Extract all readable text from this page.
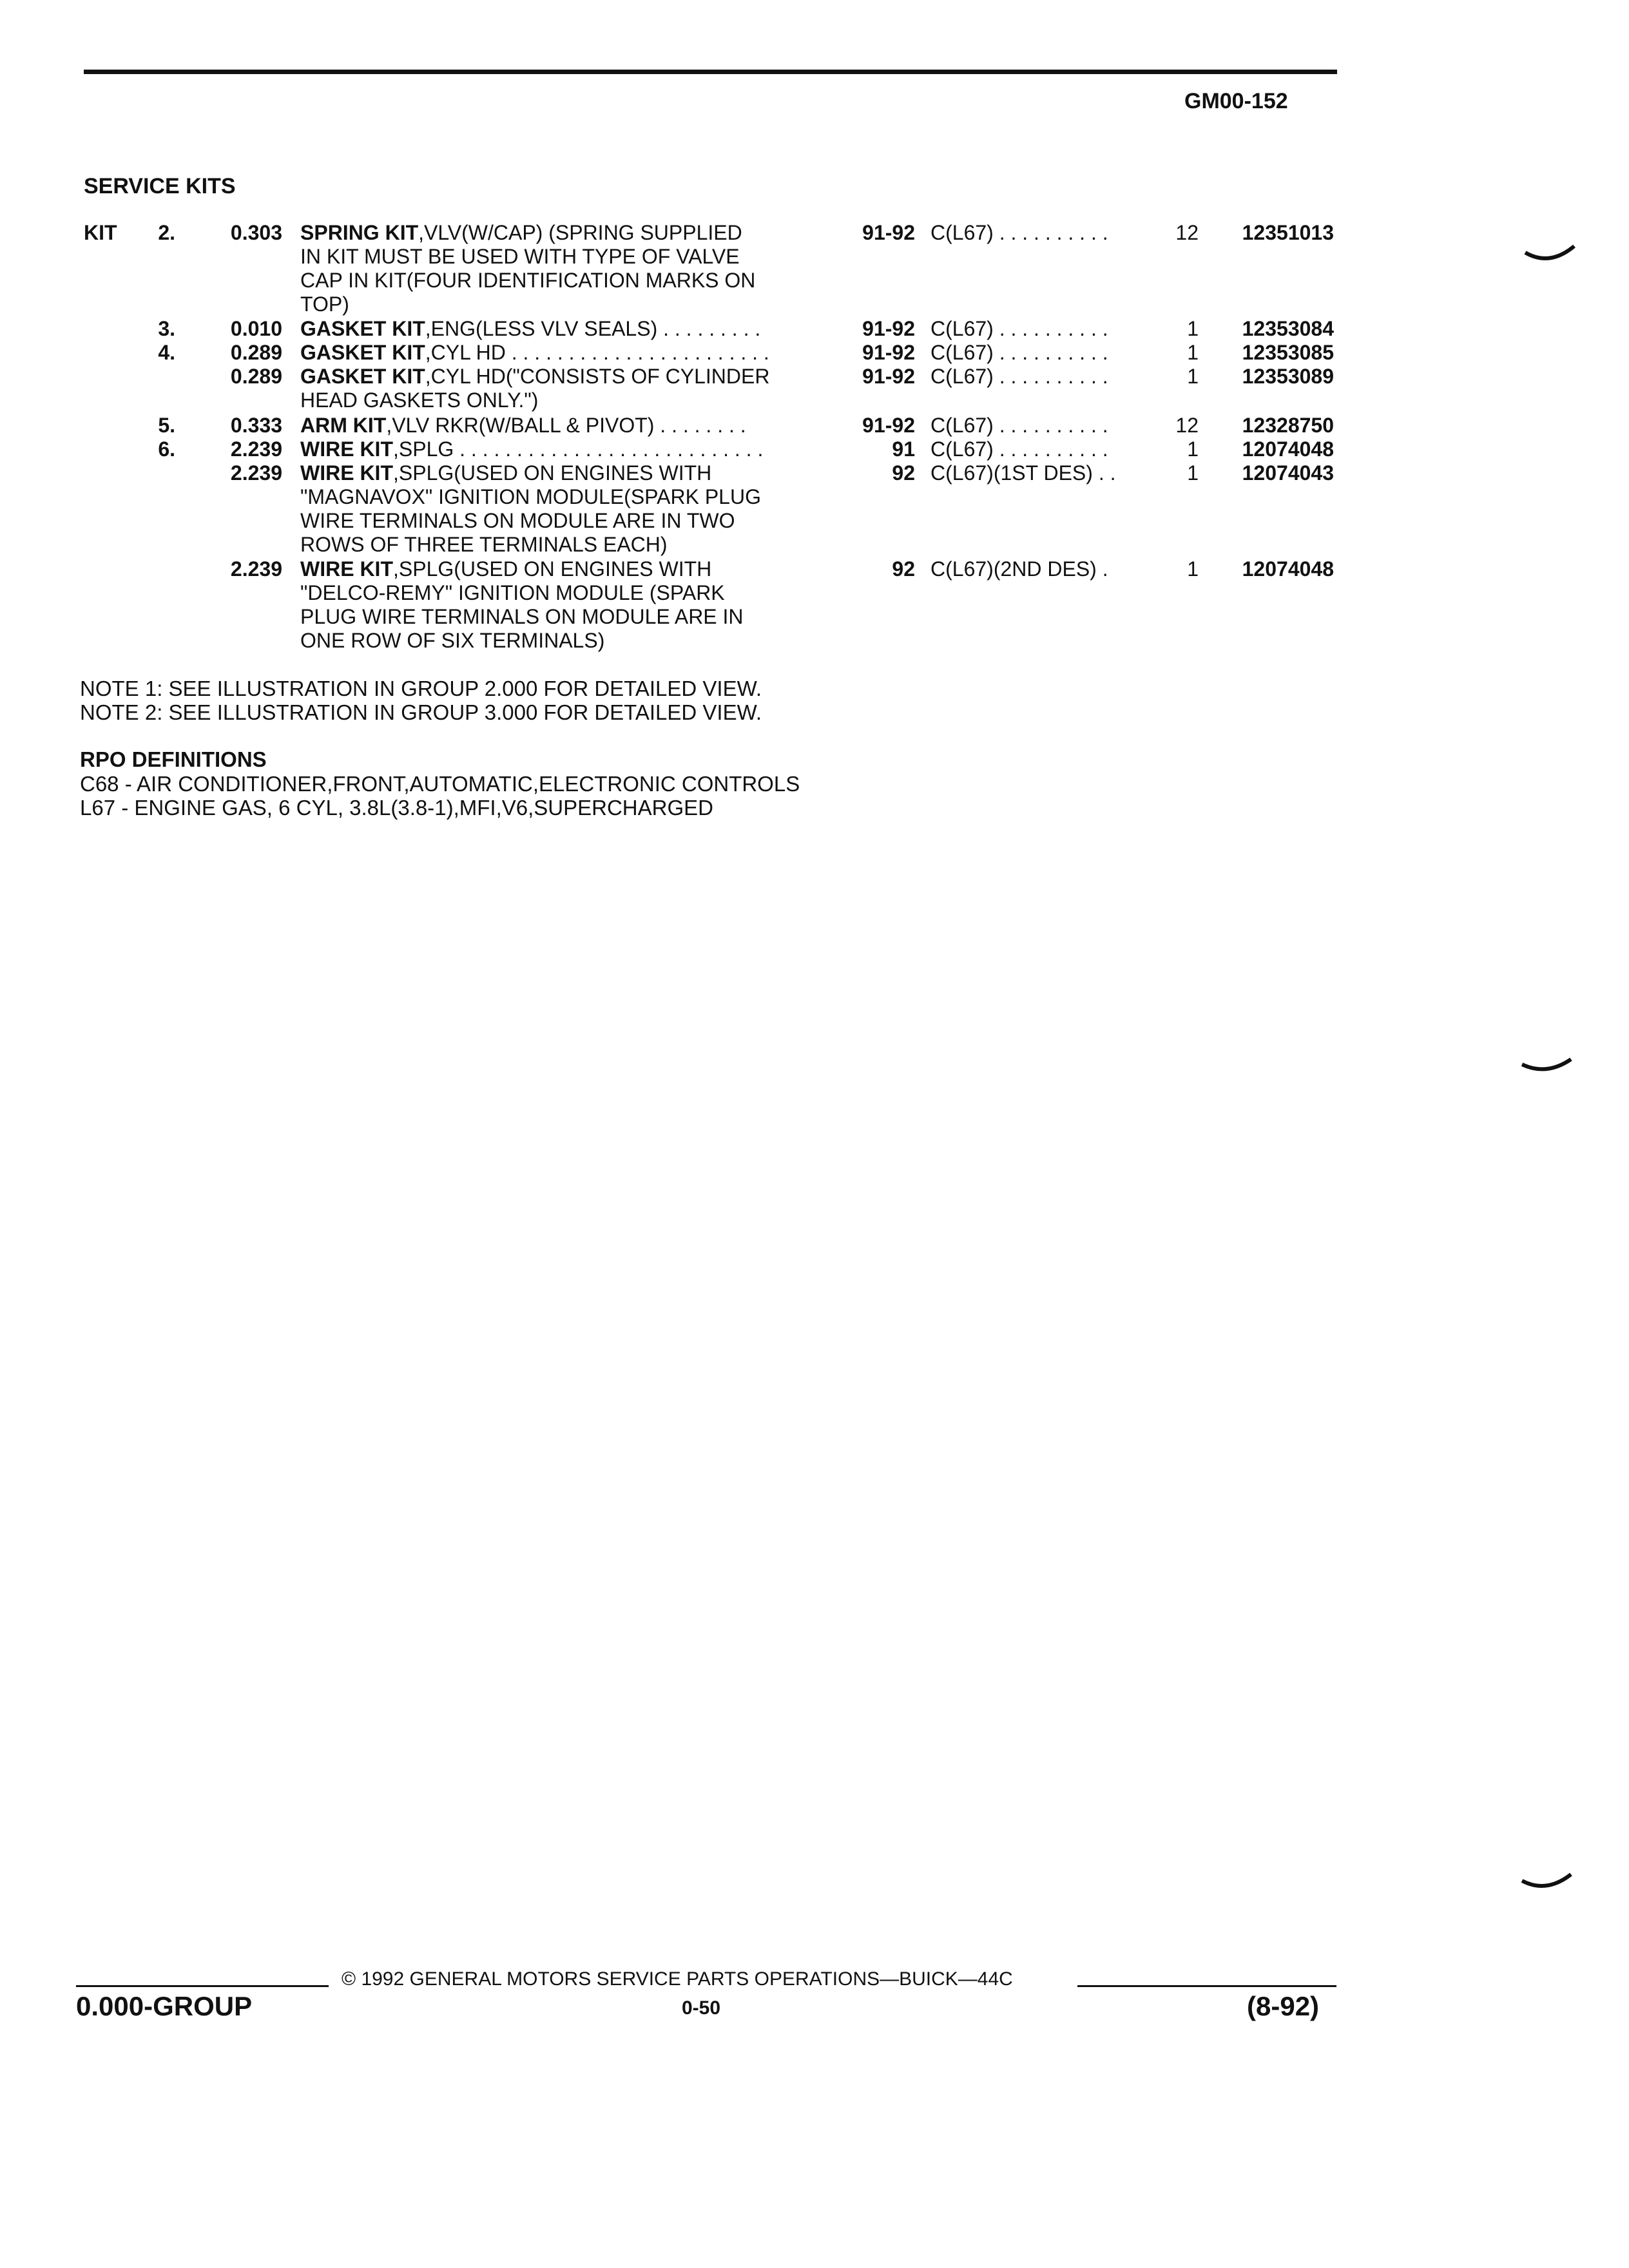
GM00-152
SERVICE KITS
KIT	2.	0.303 SPRING KIT,VLV(W/CAP) (SPRING SUPPLIED
IN KIT MUST BE USED WITH TYPE OF VALVE
CAP IN KIT(FOUR IDENTIFICATION MARKS ON
TOP)
91-92 C(L67) . . . . . . . . . .	12	12351013
3.	0.010 GASKET KIT,ENG(LESS VLV SEALS) . . . . . . . . .	91-92 C(L67) . . . . . . . . . .	1	12353084
4.	0.289 GASKET KIT,CYL HD . . . . . . . . . . . . . . . . . . . . . . .	91-92 C(L67) . . . . . . . . . .	1	12353085
0.289 GASKET KIT,CYL HD("CONSISTS OF CYLINDER
HEAD GASKETS ONLY.")
91-92 C(L67) . . . . . . . . . .	1	12353089
5.	0.333 ARM KIT,VLV RKR(W/BALL & PIVOT) . . . . . . . .	91-92 C(L67) . . . . . . . . . .	12	12328750
6.	2.239 WIRE KIT,SPLG . . . . . . . . . . . . . . . . . . . . . . . . . . .	91 C(L67) . . . . . . . . . .	1	12074048
2.239 WIRE KIT,SPLG(USED ON ENGINES WITH
"MAGNAVOX" IGNITION MODULE(SPARK PLUG
WIRE TERMINALS ON MODULE ARE IN TWO
ROWS OF THREE TERMINALS EACH)
92 C(L67)(1ST DES) . .	1	12074043
2.239 WIRE KIT,SPLG(USED ON ENGINES WITH
"DELCO-REMY" IGNITION MODULE (SPARK
PLUG WIRE TERMINALS ON MODULE ARE IN
ONE ROW OF SIX TERMINALS)
92 C(L67)(2ND DES) .	1	12074048
NOTE 1: SEE ILLUSTRATION IN GROUP 2.000 FOR DETAILED VIEW.
NOTE 2: SEE ILLUSTRATION IN GROUP 3.000 FOR DETAILED VIEW.
RPO DEFINITIONS
C68 - AIR CONDITIONER,FRONT,AUTOMATIC,ELECTRONIC CONTROLS
L67 - ENGINE GAS, 6 CYL, 3.8L(3.8-1),MFI,V6,SUPERCHARGED
© 1992 GENERAL MOTORS SERVICE PARTS OPERATIONS—BUICK—44C
0.000-GROUP	0-50	(8-92)
